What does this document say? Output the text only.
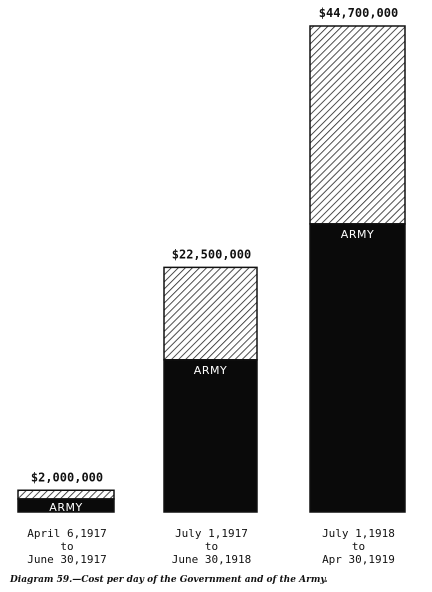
ARMY
$2,000,000
April 6,1917
to
June 30,1917
ARMY
$22,500,000
July 1,1917
to
June 30,1918
ARMY
$44,700,000
July 1,1918
to
Apr 30,1919
Diagram 59.—Cost per day of the Government and of the Army.
